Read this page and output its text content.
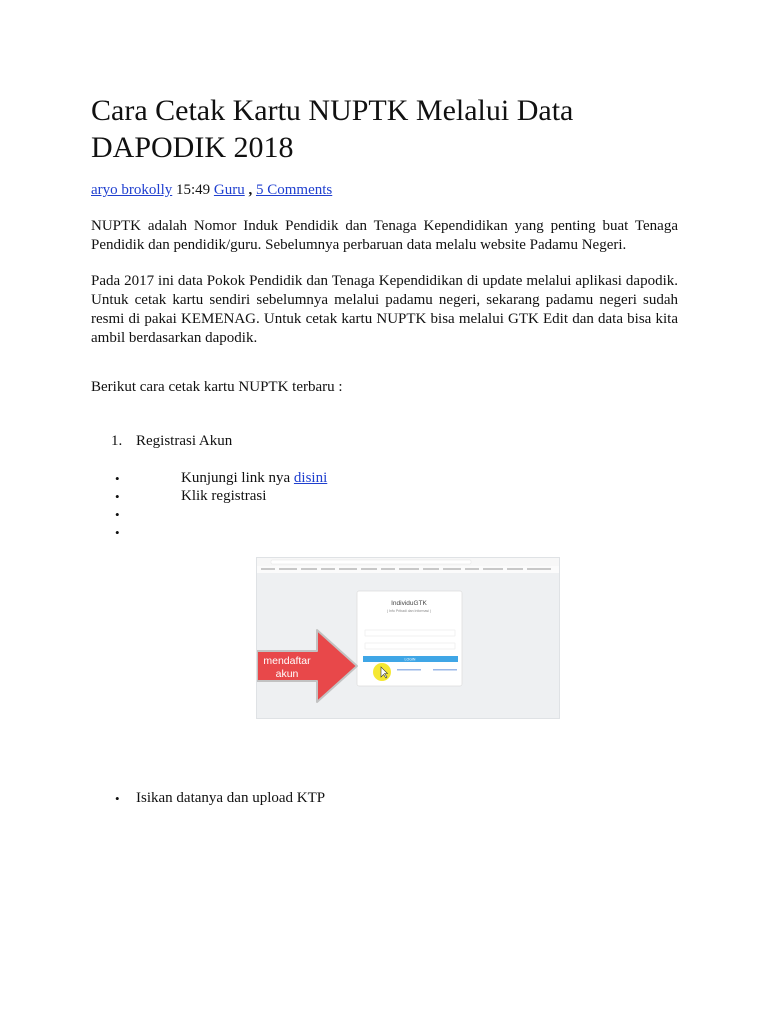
Cara Cetak Kartu NUPTK Melalui Data DAPODIK 2018
aryo brokolly 15:49 Guru , 5 Comments

NUPTK adalah Nomor Induk Pendidik dan Tenaga Kependidikan yang penting buat Tenaga Pendidik dan pendidik/guru. Sebelumnya perbaruan data melalu website Padamu Negeri.

Pada 2017 ini data Pokok Pendidik dan Tenaga Kependidikan di update melalui aplikasi dapodik. Untuk cetak kartu sendiri sebelumnya melalui padamu negeri, sekarang padamu negeri sudah resmi di pakai KEMENAG. Untuk cetak kartu NUPTK bisa melalui GTK Edit dan data bisa kita ambil berdasarkan dapodik.

Berikut cara cetak kartu NUPTK terbaru :
1. Registrasi Akun
•	Kunjungi link nya disini
•	Klik registrasi
•
•
• Isikan datanya dan upload KTP
IndividuGTK
( Info Pribadi dan Informasi )
LOGIN
mendaftar
akun
